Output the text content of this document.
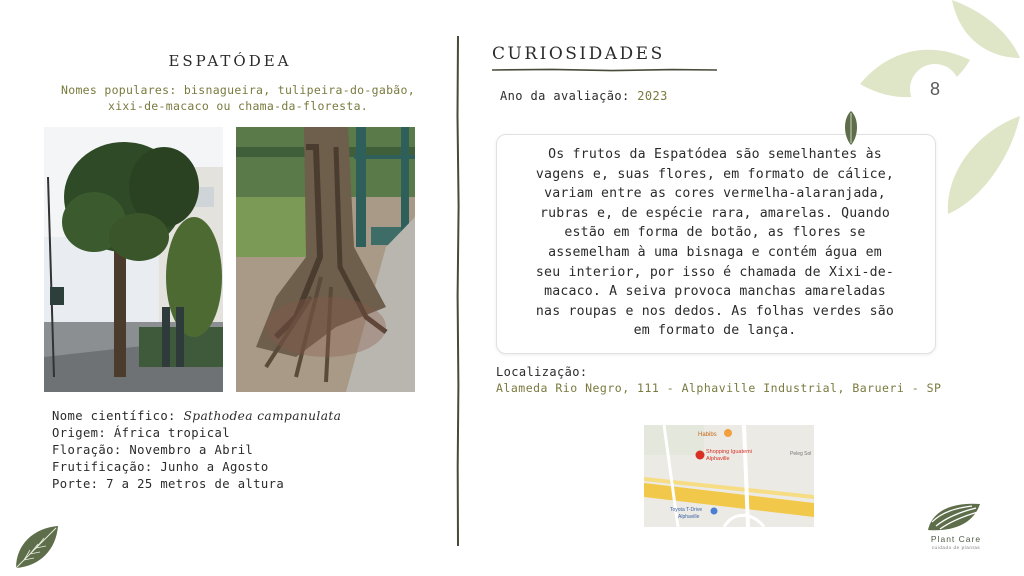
8
ESPATÓDEA
Nomes populares: bisnagueira, tulipeira-do-gabão,
xixi-de-macaco ou chama-da-floresta.
Nome científico: Spathodea campanulata
Origem: África tropical
Floração: Novembro a Abril
Frutificação: Junho a Agosto
Porte: 7 a 25 metros de altura
CURIOSIDADES
Ano da avaliação: 2023
Os frutos da Espatódea são semelhantes às
vagens e, suas flores, em formato de cálice,
variam entre as cores vermelha-alaranjada,
rubras e, de espécie rara, amarelas. Quando
estão em forma de botão, as flores se
assemelham à uma bisnaga e contém água em
seu interior, por isso é chamada de Xixi-de-
macaco. A seiva provoca manchas amareladas
nas roupas e nos dedos. As folhas verdes são
em formato de lança.
Localização:
Alameda Rio Negro, 111 - Alphaville Industrial, Barueri - SP
Habibs
Shopping Iguatemi
Alphaville
Peleg Sol
Toyota T-Drive
Alphaville
Plant Care
cuidado de plantas
